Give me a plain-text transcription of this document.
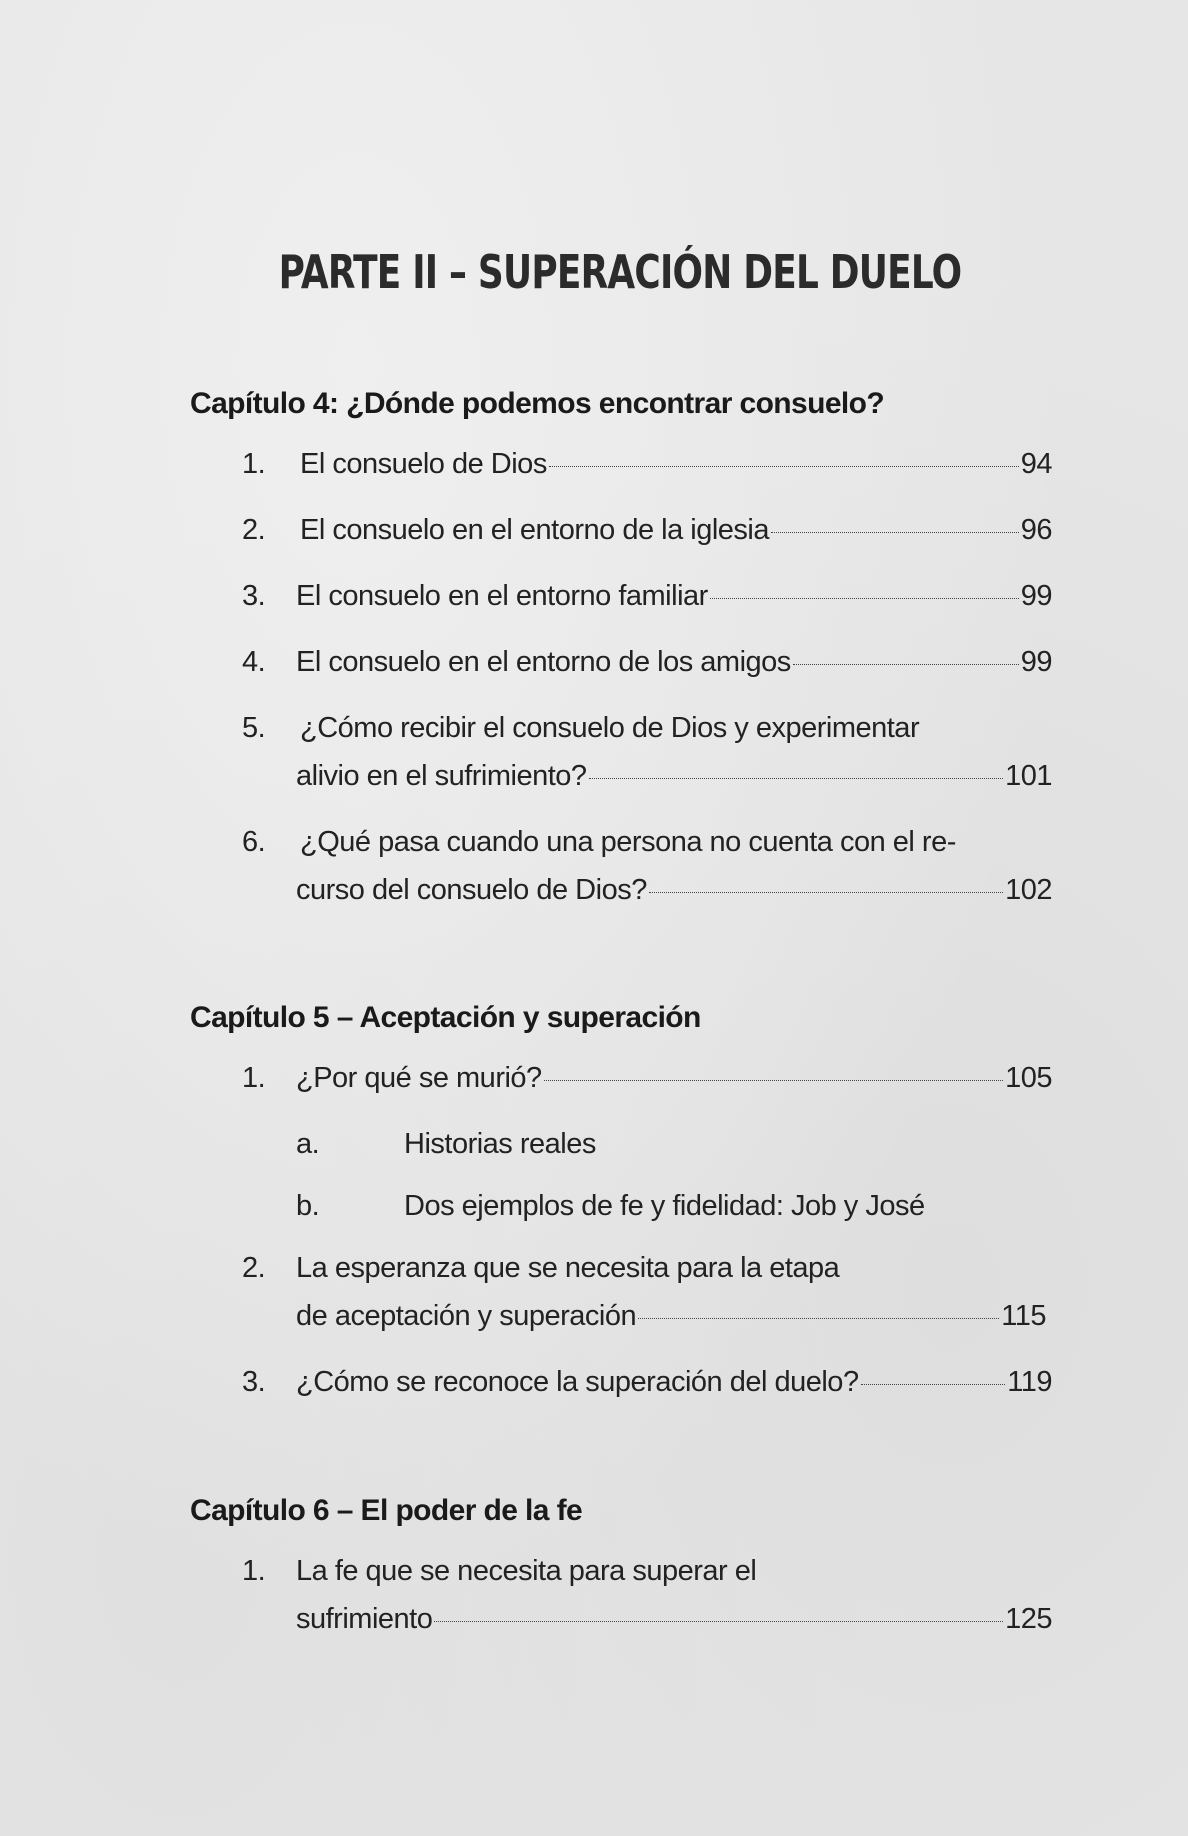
PARTE II – SUPERACIÓN DEL DUELO
Capítulo 4: ¿Dónde podemos encontrar consuelo?
1. El consuelo de Dios	94
2. El consuelo en el entorno de la iglesia	96
3. El consuelo en el entorno familiar	99
4. El consuelo en el entorno de los amigos	99
5. ¿Cómo recibir el consuelo de Dios y experimentar
alivio en el sufrimiento?	101
6. ¿Qué pasa cuando una persona no cuenta con el re-
curso del consuelo de Dios?	102
Capítulo 5 – Aceptación y superación
1. ¿Por qué se murió?	105
a.	Historias reales
b.	Dos ejemplos de fe y fidelidad: Job y José
2. La esperanza que se necesita para la etapa
de aceptación y superación	115
3. ¿Cómo se reconoce la superación del duelo?	119
Capítulo 6 – El poder de la fe
1. La fe que se necesita para superar el
sufrimiento	125
